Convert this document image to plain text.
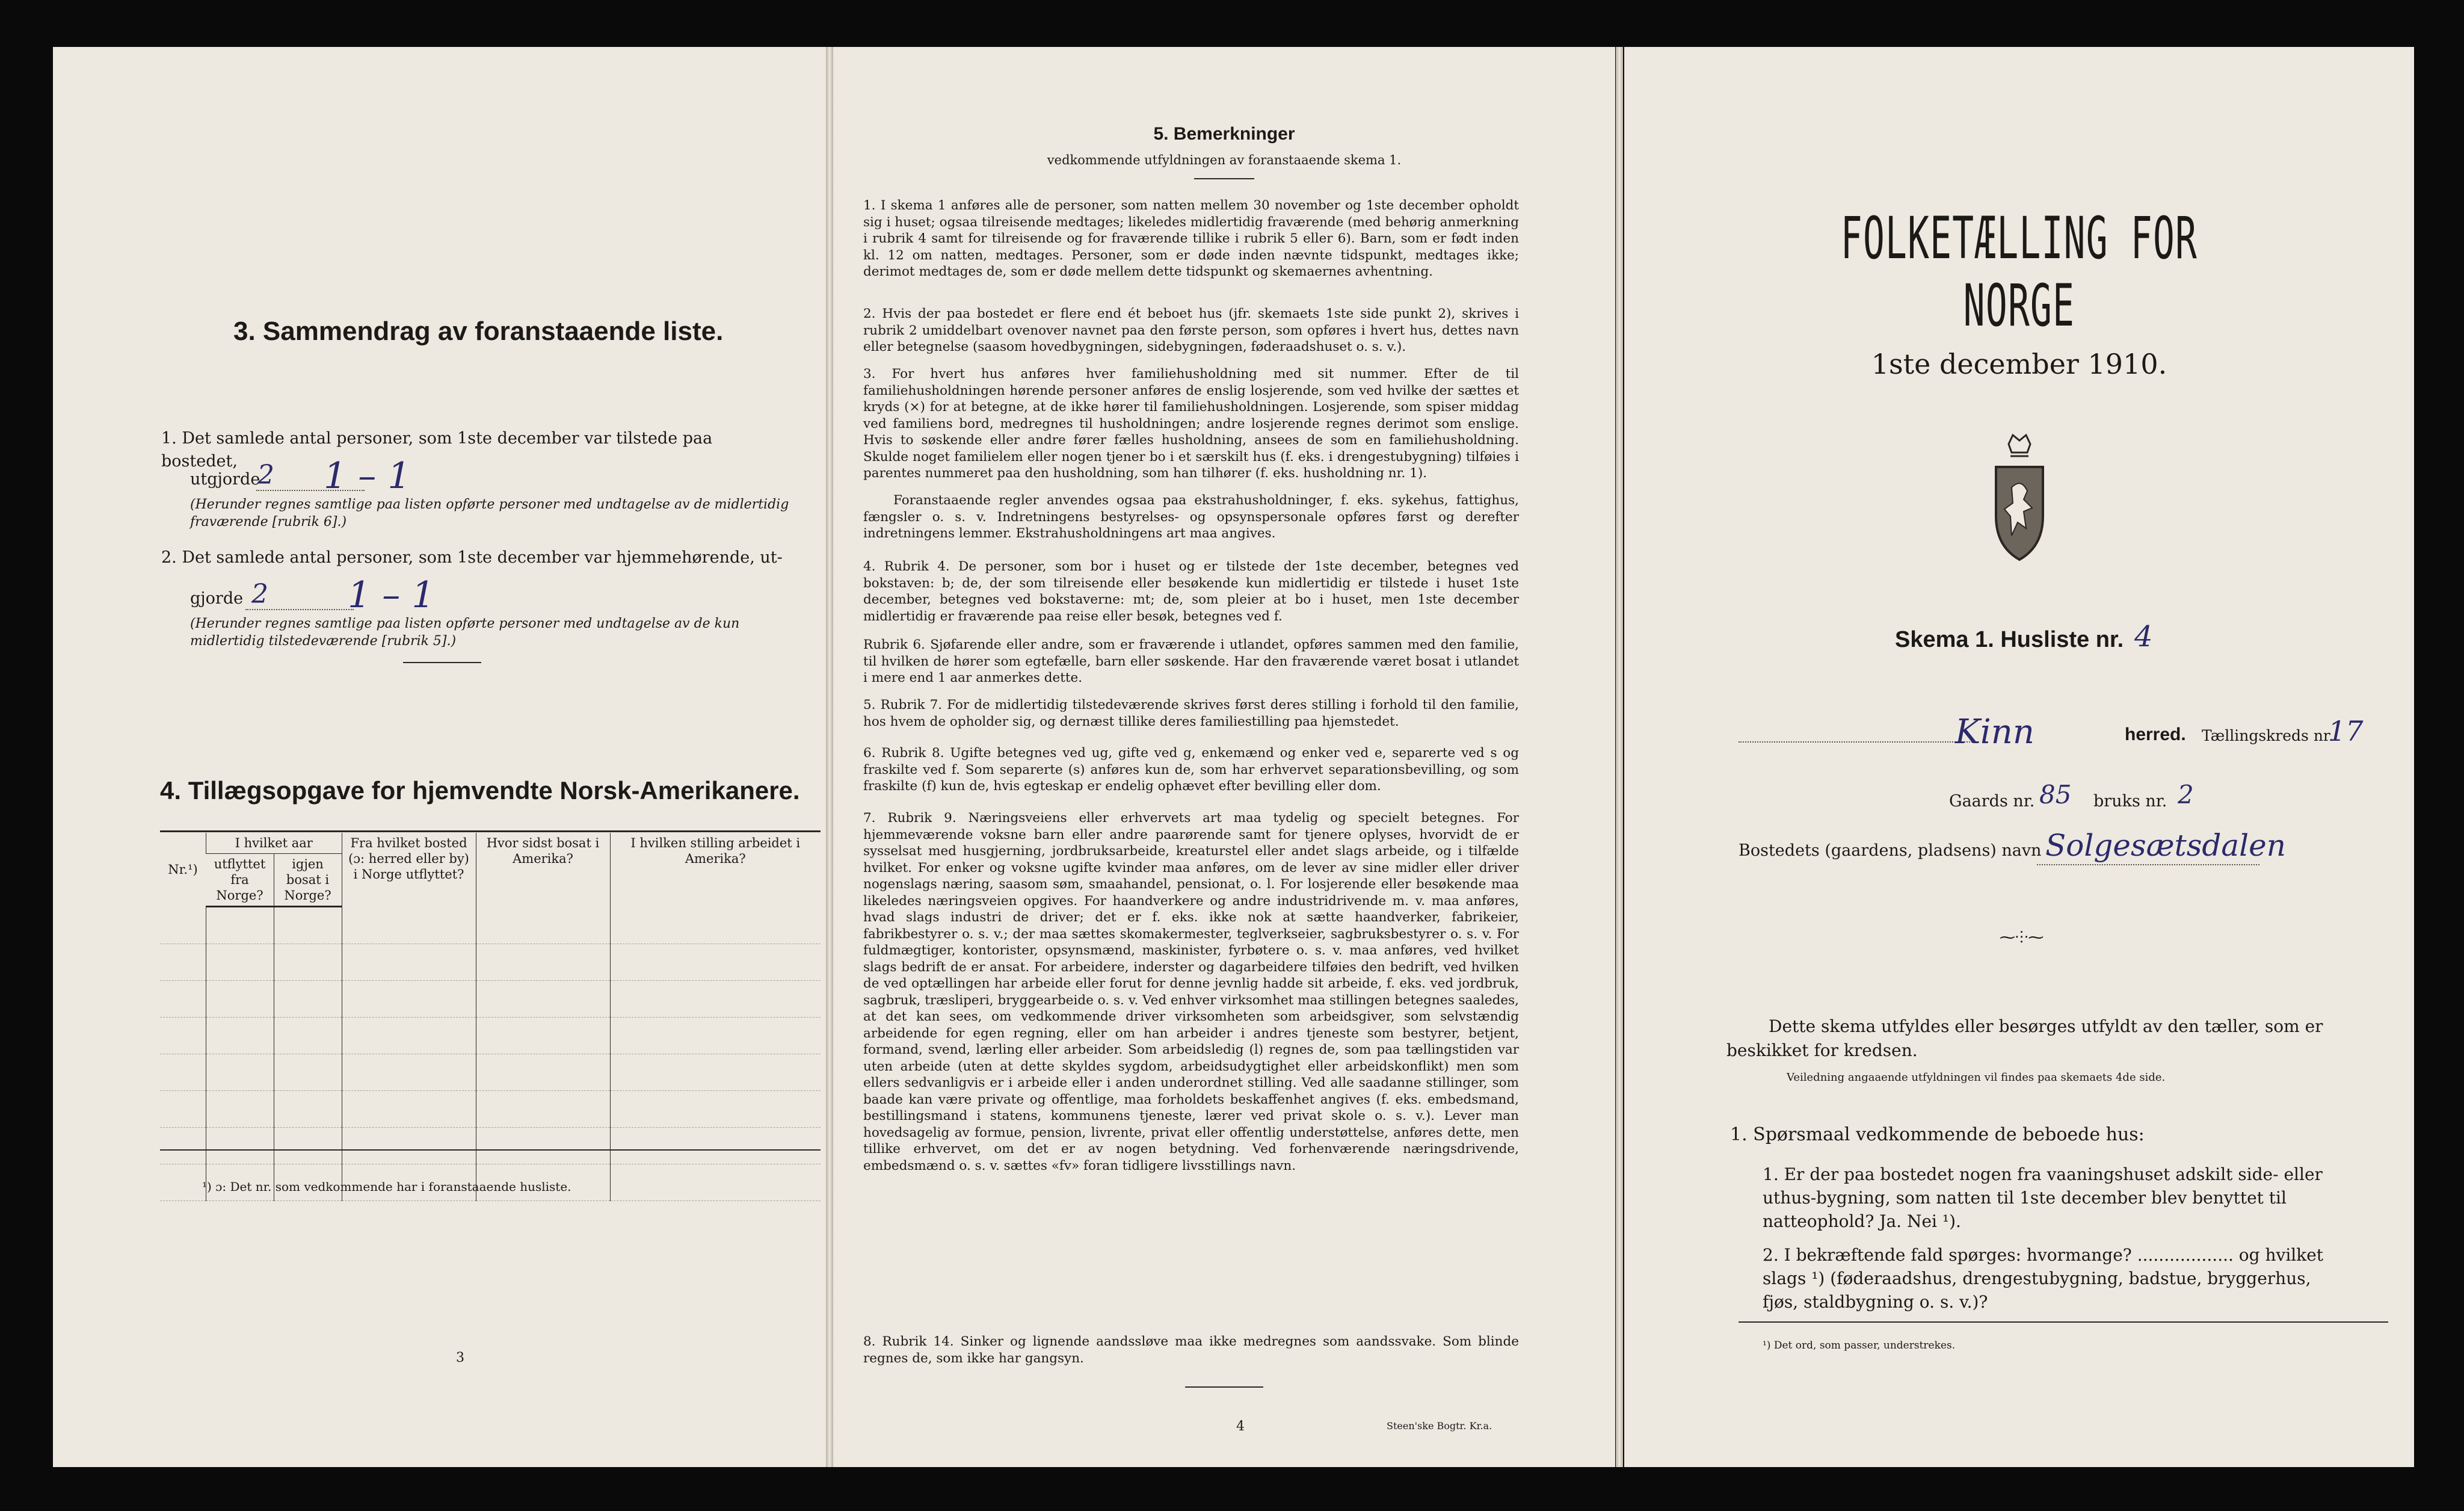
3. Sammendrag av foranstaaende liste.
1. Det samlede antal personer, som 1ste december var tilstede paa bostedet,
utgjorde
2 1 – 1
(Herunder regnes samtlige paa listen opførte personer med undtagelse av de midlertidig fraværende [rubrik 6].)
2. Det samlede antal personer, som 1ste december var hjemmehørende, ut-
gjorde 2 1 – 1
(Herunder regnes samtlige paa listen opførte personer med undtagelse av de kun midlertidig tilstedeværende [rubrik 5].)
4. Tillægsopgave for hjemvendte Norsk-Amerikanere.
Nr.¹)	I hvilket aar		Fra hvilket bosted (ɔ: herred eller by) i Norge utflyttet?	Hvor sidst bosat i Amerika?	I hvilken stilling arbeidet i Amerika?
	utflyttet fra Norge?	igjen bosat i Norge?			

¹) ɔ: Det nr. som vedkommende har i foranstaaende husliste.
3
5. Bemerkninger
vedkommende utfyldningen av foranstaaende skema 1.
1. I skema 1 anføres alle de personer, som natten mellem 30 november og 1ste december opholdt sig i huset; ogsaa tilreisende medtages; likeledes midlertidig fraværende (med behørig anmerkning i rubrik 4 samt for tilreisende og for fraværende tillike i rubrik 5 eller 6). Barn, som er født inden kl. 12 om natten, medtages. Personer, som er døde inden nævnte tidspunkt, medtages ikke; derimot medtages de, som er døde mellem dette tidspunkt og skemaernes avhentning.
2. Hvis der paa bostedet er flere end ét beboet hus (jfr. skemaets 1ste side punkt 2), skrives i rubrik 2 umiddelbart ovenover navnet paa den første person, som opføres i hvert hus, dettes navn eller betegnelse (saasom hovedbygningen, sidebygningen, føderaadshuset o. s. v.).
3. For hvert hus anføres hver familiehusholdning med sit nummer. Efter de til familiehusholdningen hørende personer anføres de enslig losjerende, som ved hvilke der sættes et kryds (×) for at betegne, at de ikke hører til familiehusholdningen. Losjerende, som spiser middag ved familiens bord, medregnes til husholdningen; andre losjerende regnes derimot som enslige. Hvis to søskende eller andre fører fælles husholdning, ansees de som en familiehusholdning. Skulde noget familielem eller nogen tjener bo i et særskilt hus (f. eks. i drengestubygning) tilføies i parentes nummeret paa den husholdning, som han tilhører (f. eks. husholdning nr. 1).
Foranstaaende regler anvendes ogsaa paa ekstrahusholdninger, f. eks. sykehus, fattighus, fængsler o. s. v. Indretningens bestyrelses- og opsynspersonale opføres først og derefter indretningens lemmer. Ekstrahusholdningens art maa angives.
4. Rubrik 4. De personer, som bor i huset og er tilstede der 1ste december, betegnes ved bokstaven: b; de, der som tilreisende eller besøkende kun midlertidig er tilstede i huset 1ste december, betegnes ved bokstaverne: mt; de, som pleier at bo i huset, men 1ste december midlertidig er fraværende paa reise eller besøk, betegnes ved f.
Rubrik 6. Sjøfarende eller andre, som er fraværende i utlandet, opføres sammen med den familie, til hvilken de hører som egtefælle, barn eller søskende. Har den fraværende været bosat i utlandet i mere end 1 aar anmerkes dette.
5. Rubrik 7. For de midlertidig tilstedeværende skrives først deres stilling i forhold til den familie, hos hvem de opholder sig, og dernæst tillike deres familiestilling paa hjemstedet.
6. Rubrik 8. Ugifte betegnes ved ug, gifte ved g, enkemænd og enker ved e, separerte ved s og fraskilte ved f. Som separerte (s) anføres kun de, som har erhvervet separationsbevilling, og som fraskilte (f) kun de, hvis egteskap er endelig ophævet efter bevilling eller dom.
7. Rubrik 9. Næringsveiens eller erhvervets art maa tydelig og specielt betegnes. For hjemmeværende voksne barn eller andre paarørende samt for tjenere oplyses, hvorvidt de er sysselsat med husgjerning, jordbruksarbeide, kreaturstel eller andet slags arbeide, og i tilfælde hvilket. For enker og voksne ugifte kvinder maa anføres, om de lever av sine midler eller driver nogenslags næring, saasom søm, smaahandel, pensionat, o. l. For losjerende eller besøkende maa likeledes næringsveien opgives. For haandverkere og andre industridrivende m. v. maa anføres, hvad slags industri de driver; det er f. eks. ikke nok at sætte haandverker, fabrikeier, fabrikbestyrer o. s. v.; der maa sættes skomakermester, teglverkseier, sagbruksbestyrer o. s. v. For fuldmægtiger, kontorister, opsynsmænd, maskinister, fyrbøtere o. s. v. maa anføres, ved hvilket slags bedrift de er ansat. For arbeidere, inderster og dagarbeidere tilføies den bedrift, ved hvilken de ved optællingen har arbeide eller forut for denne jevnlig hadde sit arbeide, f. eks. ved jordbruk, sagbruk, træsliperi, bryggearbeide o. s. v. Ved enhver virksomhet maa stillingen betegnes saaledes, at det kan sees, om vedkommende driver virksomheten som arbeidsgiver, som selvstændig arbeidende for egen regning, eller om han arbeider i andres tjeneste som bestyrer, betjent, formand, svend, lærling eller arbeider. Som arbeidsledig (l) regnes de, som paa tællingstiden var uten arbeide (uten at dette skyldes sygdom, arbeidsudygtighet eller arbeidskonflikt) men som ellers sedvanligvis er i arbeide eller i anden underordnet stilling. Ved alle saadanne stillinger, som baade kan være private og offentlige, maa forholdets beskaffenhet angives (f. eks. embedsmand, bestillingsmand i statens, kommunens tjeneste, lærer ved privat skole o. s. v.). Lever man hovedsagelig av formue, pension, livrente, privat eller offentlig understøttelse, anføres dette, men tillike erhvervet, om det er av nogen betydning. Ved forhenværende næringsdrivende, embedsmænd o. s. v. sættes «fv» foran tidligere livsstillings navn.
8. Rubrik 14. Sinker og lignende aandssløve maa ikke medregnes som aandssvake. Som blinde regnes de, som ikke har gangsyn.
4	Steen'ske Bogtr. Kr.a.
FOLKETÆLLING FOR NORGE
1ste december 1910.
Skema 1. Husliste nr. 4
Kinn	herred. Tællingskreds nr.
17
Gaards nr. 85 bruks nr. 2
Bostedets (gaardens, pladsens) navn Solgesætsdalen
⁓⸭⁓
Dette skema utfyldes eller besørges utfyldt av den tæller, som er beskikket for kredsen.
Veiledning angaaende utfyldningen vil findes paa skemaets 4de side.
1. Spørsmaal vedkommende de beboede hus:
1. Er der paa bostedet nogen fra vaaningshuset adskilt side- eller uthus-bygning, som natten til 1ste december blev benyttet til natteophold? Ja. Nei ¹).
2. I bekræftende fald spørges: hvormange? .................. og hvilket slags ¹) (føderaadshus, drengestubygning, badstue, bryggerhus, fjøs, staldbygning o. s. v.)?
¹) Det ord, som passer, understrekes.
